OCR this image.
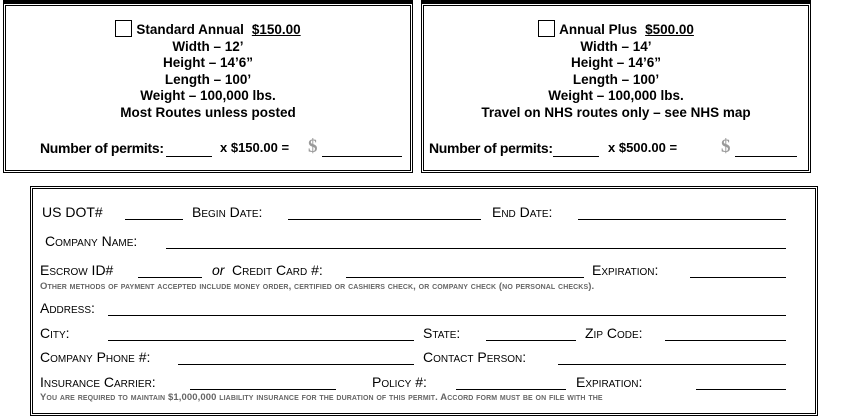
Standard Annual $150.00
Width – 12’
Height – 14’6”
Length – 100’
Weight – 100,000 lbs.
Most Routes unless posted
Number of permits:	x $150.00 = $
Annual Plus $500.00
Width – 14’
Height – 14’6”
Length – 100’
Weight – 100,000 lbs.
Travel on NHS routes only – see NHS map
Number of permits:	x $500.00 = $
US DOT#	Begin Date:	End Date:
Company Name:
Escrow ID#	or Credit Card #:	Expiration:
Other methods of payment accepted include money order, certified or cashiers check, or company check (no personal checks).
Address:
City:	State:	Zip Code:
Company Phone #:	Contact Person:
Insurance Carrier:	Policy #:	Expiration:
You are required to maintain $1,000,000 liability insurance for the duration of this permit. Accord form must be on file with the
